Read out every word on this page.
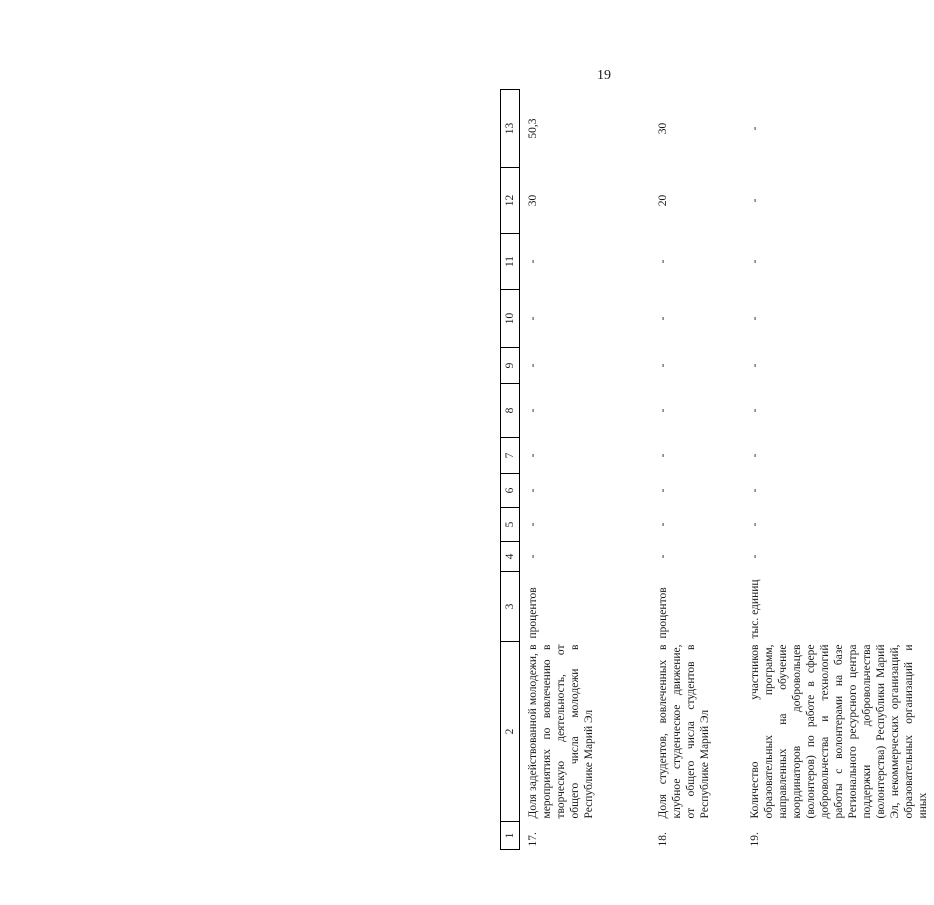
19
1	2	3	4	5	6	7	8	9	10	11	12	13
17.	Доля задействованной молодежи, в мероприятиях по вовлечению в творческую деятельность, от общего числа молодежи в Республике Марий Эл	процентов	-	-	-	-	-	-	-	-	30	50,3
18.	Доля студентов, вовлеченных в клубное студенческое движение, от общего числа студентов в Республике Марий Эл	процентов	-	-	-	-	-	-	-	-	20	30
19.	Количество участников образовательных программ, направленных на обучение координаторов добровольцев (волонтеров) по работе в сфере добровольчества и технологий работы с волонтерами на базе Регионального ресурсного центра поддержки добровольчества (волонтерства) Республики Марий Эл, некоммерческих организаций, образовательных организаций и иных	тыс. единиц	-	-	-	-	-	-	-	-	-	-
